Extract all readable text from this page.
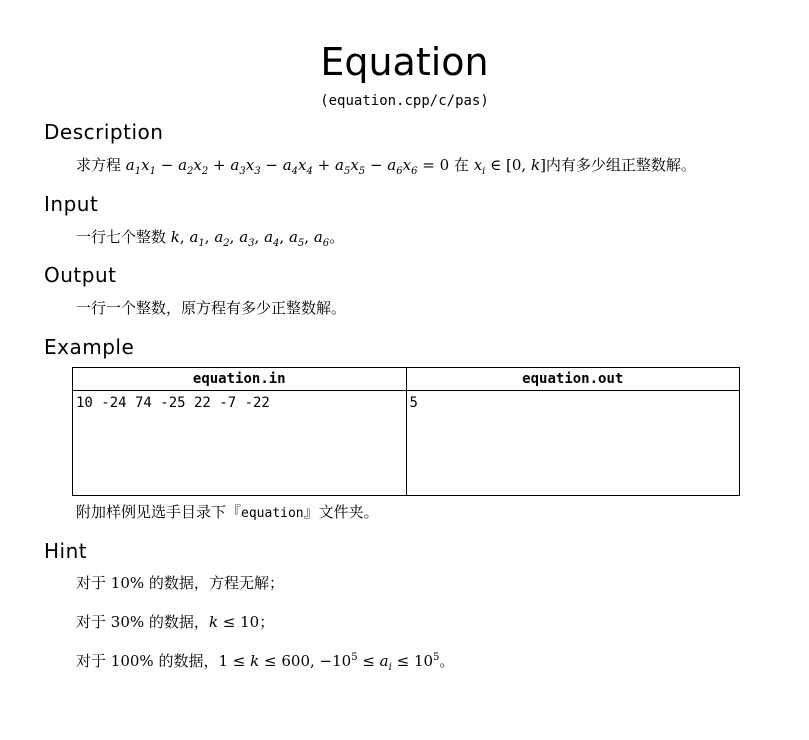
Equation
(equation.cpp/c/pas)
Description
求方程 $a_1x_1 - a_2x_2 + a_3x_3 - a_4x_4 + a_5x_5 - a_6x_6 = 0$ 在 $x_i$ ∈ [0, k]内有多少组正整数解。
Input
一行七个整数 k, $a_1$, $a_2$, $a_3$, $a_4$, $a_5$, $a_6$。
Output
一行一个整数，原方程有多少正整数解。
Example
equation.in	equation.out
10 -24 74 -25 22 -7 -22	5
附加样例见选手目录下『equation』文件夹。
Hint
对于 10% 的数据，方程无解；
对于 30% 的数据，k ≤ 10；
对于 100% 的数据，1 ≤ k ≤ 600, $-10^5 \le a_i \le 10^5$。
